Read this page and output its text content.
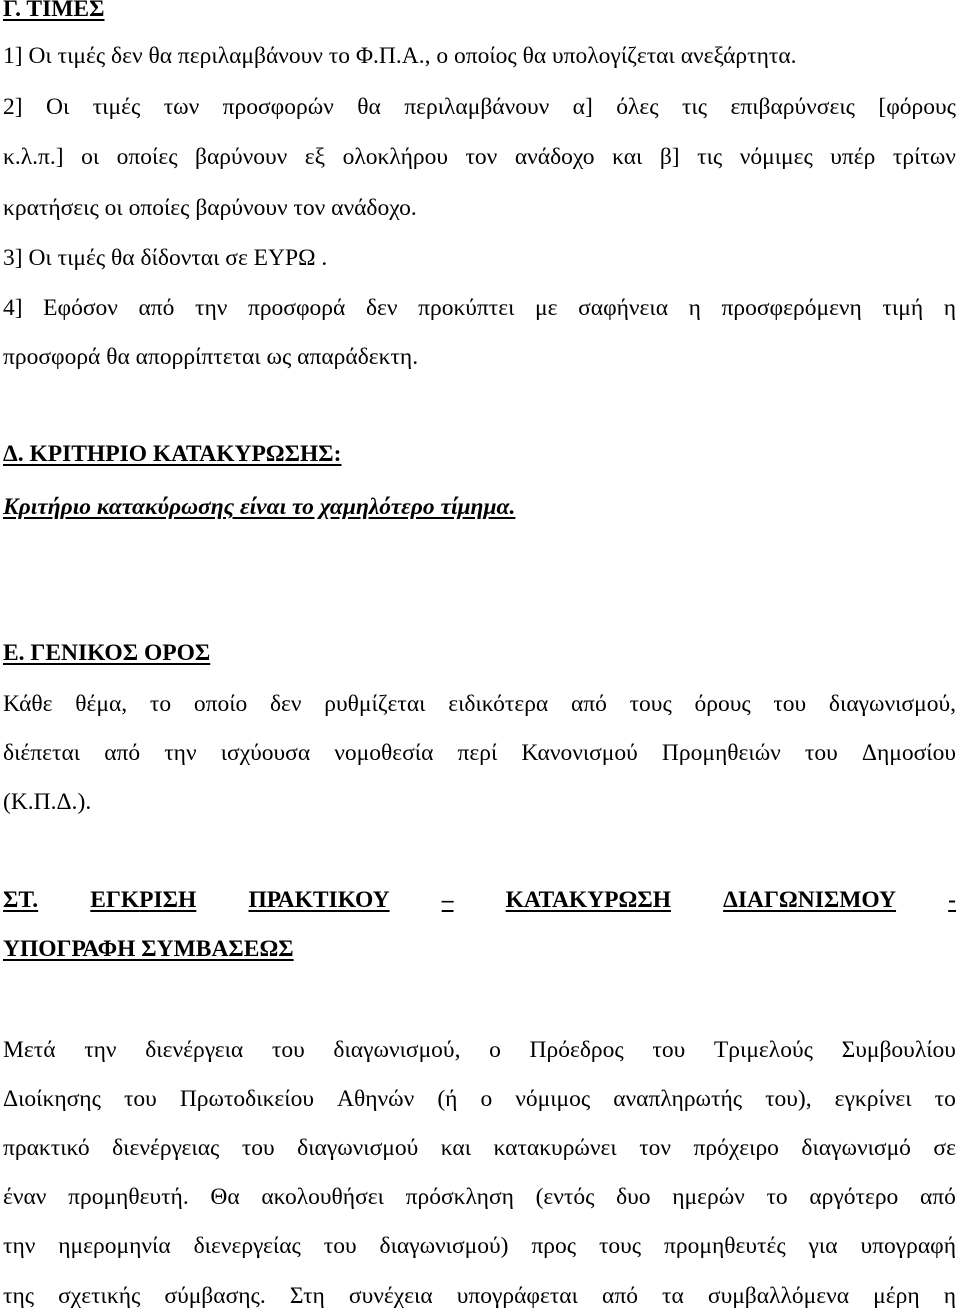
Γ. ΤΙΜΕΣ
1] Οι τιμές δεν θα περιλαμβάνουν το Φ.Π.Α., ο οποίος θα υπολογίζεται ανεξάρτητα.
2] Οι τιμές των προσφορών θα περιλαμβάνουν α] όλες τις επιβαρύνσεις [φόρους
κ.λ.π.] οι οποίες βαρύνουν εξ ολοκλήρου τον ανάδοχο και β] τις νόμιμες υπέρ τρίτων
κρατήσεις οι οποίες βαρύνουν τον ανάδοχο.
3] Οι τιμές θα δίδονται σε ΕΥΡΩ .
4] Εφόσον από την προσφορά δεν προκύπτει με σαφήνεια η προσφερόμενη τιμή η
προσφορά θα απορρίπτεται ως απαράδεκτη.
Δ. ΚΡΙΤΗΡΙΟ ΚΑΤΑΚΥΡΩΣΗΣ:
Κριτήριο κατακύρωσης είναι το χαμηλότερο τίμημα.
Ε. ΓΕΝΙΚΟΣ ΟΡΟΣ
Κάθε θέμα, το οποίο δεν ρυθμίζεται ειδικότερα από τους όρους του διαγωνισμού,
διέπεται από την ισχύουσα νομοθεσία περί Κανονισμού Προμηθειών του Δημοσίου
(Κ.Π.Δ.).
ΣΤ. ΕΓΚΡΙΣΗ ΠΡΑΚΤΙΚΟΥ – ΚΑΤΑΚΥΡΩΣΗ ΔΙΑΓΩΝΙΣΜΟΥ -
ΥΠΟΓΡΑΦΗ ΣΥΜΒΑΣΕΩΣ
Μετά την διενέργεια του διαγωνισμού, ο Πρόεδρος του Τριμελούς Συμβουλίου
Διοίκησης του Πρωτοδικείου Αθηνών (ή ο νόμιμος αναπληρωτής του), εγκρίνει το
πρακτικό διενέργειας του διαγωνισμού και κατακυρώνει τον πρόχειρο διαγωνισμό σε
έναν προμηθευτή. Θα ακολουθήσει πρόσκληση (εντός δυο ημερών το αργότερο από
την ημερομηνία διενεργείας του διαγωνισμού) προς τους προμηθευτές για υπογραφή
της σχετικής σύμβασης. Στη συνέχεια υπογράφεται από τα συμβαλλόμενα μέρη η
